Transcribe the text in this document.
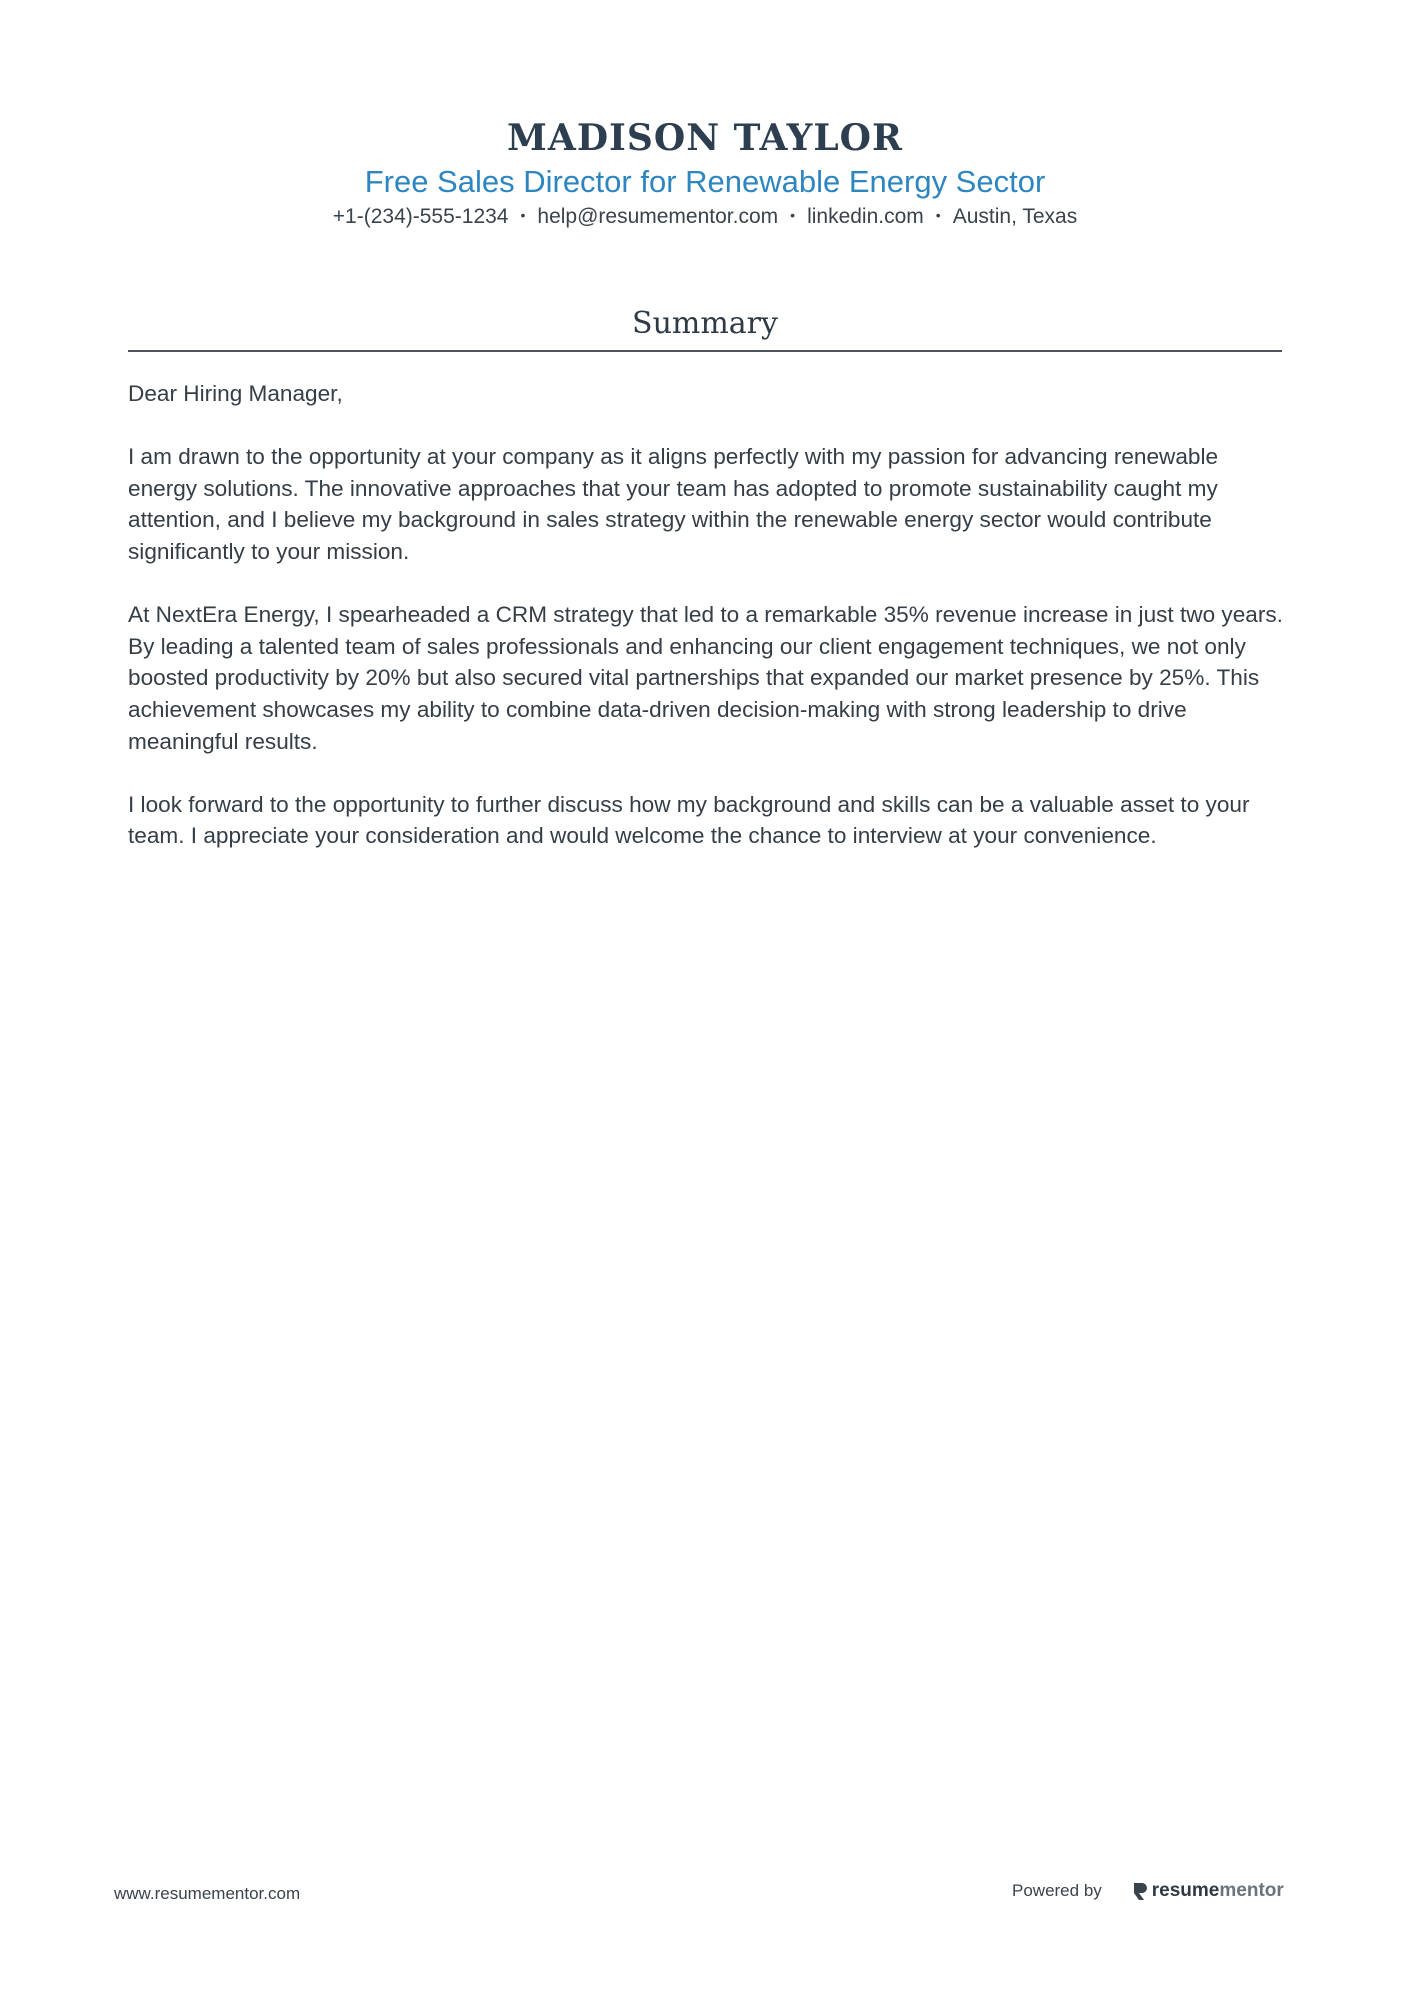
MADISON TAYLOR
Free Sales Director for Renewable Energy Sector
+1-(234)-555-1234 • help@resumementor.com • linkedin.com • Austin, Texas
Summary

Dear Hiring Manager,

I am drawn to the opportunity at your company as it aligns perfectly with my passion for advancing renewable energy solutions. The innovative approaches that your team has adopted to promote sustainability caught my attention, and I believe my background in sales strategy within the renewable energy sector would contribute significantly to your mission.

At NextEra Energy, I spearheaded a CRM strategy that led to a remarkable 35% revenue increase in just two years. By leading a talented team of sales professionals and enhancing our client engagement techniques, we not only boosted productivity by 20% but also secured vital partnerships that expanded our market presence by 25%. This achievement showcases my ability to combine data-driven decision-making with strong leadership to drive meaningful results.

I look forward to the opportunity to further discuss how my background and skills can be a valuable asset to your team. I appreciate your consideration and would welcome the chance to interview at your convenience.

www.resumementor.com	Powered by	resume mentor
